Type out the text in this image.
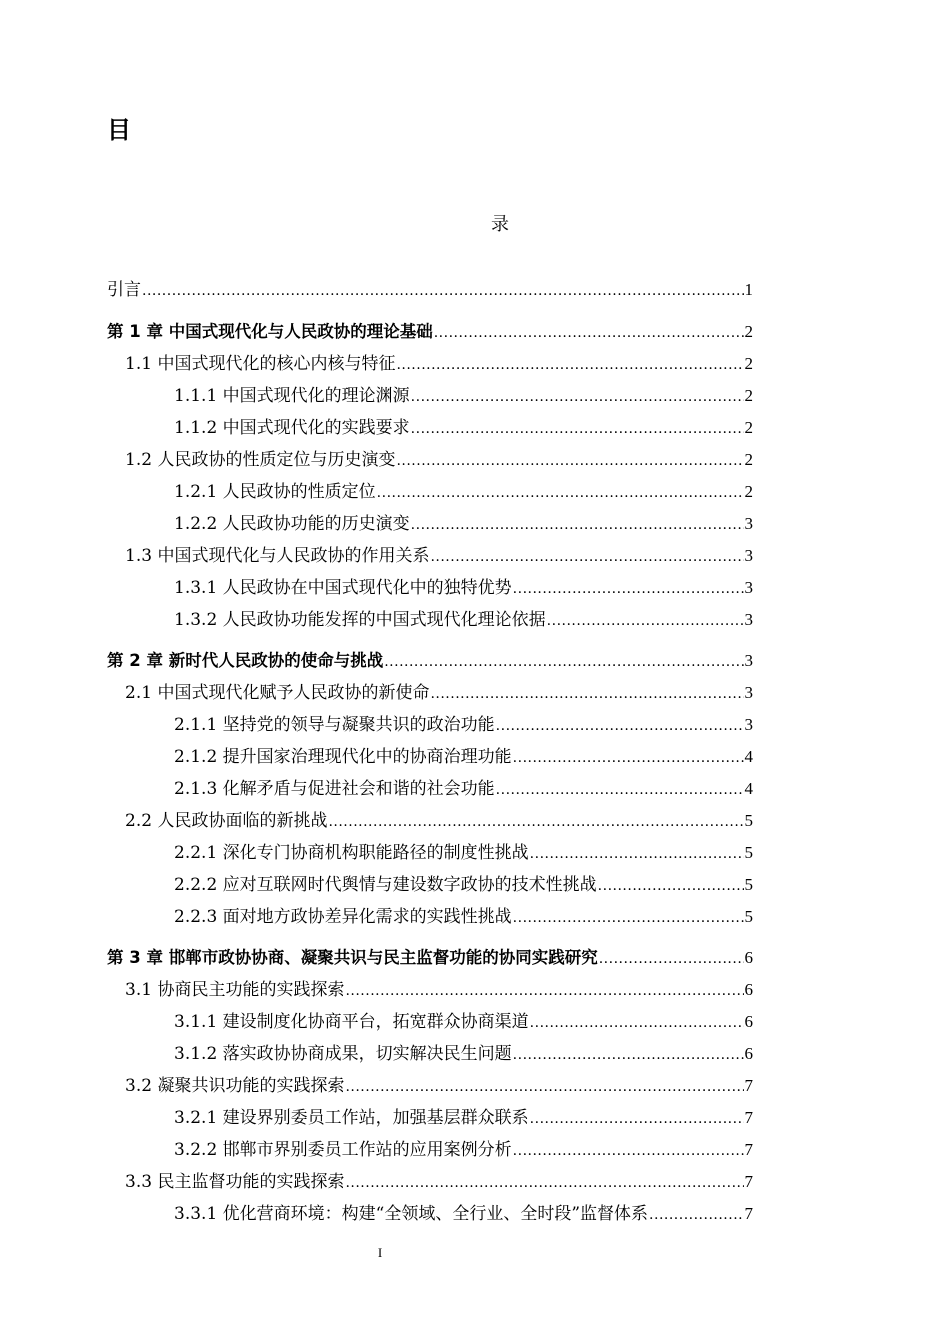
目
录
引言 .....	1
第 1 章 中国式现代化与人民政协的理论基础 .....	2
1.1 中国式现代化的核心内核与特征 .....	2
1.1.1 中国式现代化的理论渊源 .....	2
1.1.2 中国式现代化的实践要求 .....	2
1.2 人民政协的性质定位与历史演变 .....	2
1.2.1 人民政协的性质定位 .....	2
1.2.2 人民政协功能的历史演变 .....	3
1.3 中国式现代化与人民政协的作用关系 .....	3
1.3.1 人民政协在中国式现代化中的独特优势 .....	3
1.3.2 人民政协功能发挥的中国式现代化理论依据 .....	3
第 2 章 新时代人民政协的使命与挑战 .....	3
2.1 中国式现代化赋予人民政协的新使命 .....	3
2.1.1 坚持党的领导与凝聚共识的政治功能 .....	3
2.1.2 提升国家治理现代化中的协商治理功能 .....	4
2.1.3 化解矛盾与促进社会和谐的社会功能 .....	4
2.2 人民政协面临的新挑战 .....	5
2.2.1 深化专门协商机构职能路径的制度性挑战 .....	5
2.2.2 应对互联网时代舆情与建设数字政协的技术性挑战 .....	5
2.2.3 面对地方政协差异化需求的实践性挑战 .....	5
第 3 章 邯郸市政协协商、凝聚共识与民主监督功能的协同实践研究 .....	6
3.1 协商民主功能的实践探索 .....	6
3.1.1 建设制度化协商平台，拓宽群众协商渠道 .....	6
3.1.2 落实政协协商成果，切实解决民生问题 .....	6
3.2 凝聚共识功能的实践探索 .....	7
3.2.1 建设界别委员工作站，加强基层群众联系 .....	7
3.2.2 邯郸市界别委员工作站的应用案例分析 .....	7
3.3 民主监督功能的实践探索 .....	7
3.3.1 优化营商环境：构建“全领域、全行业、全时段”监督体系 .....	7
I
